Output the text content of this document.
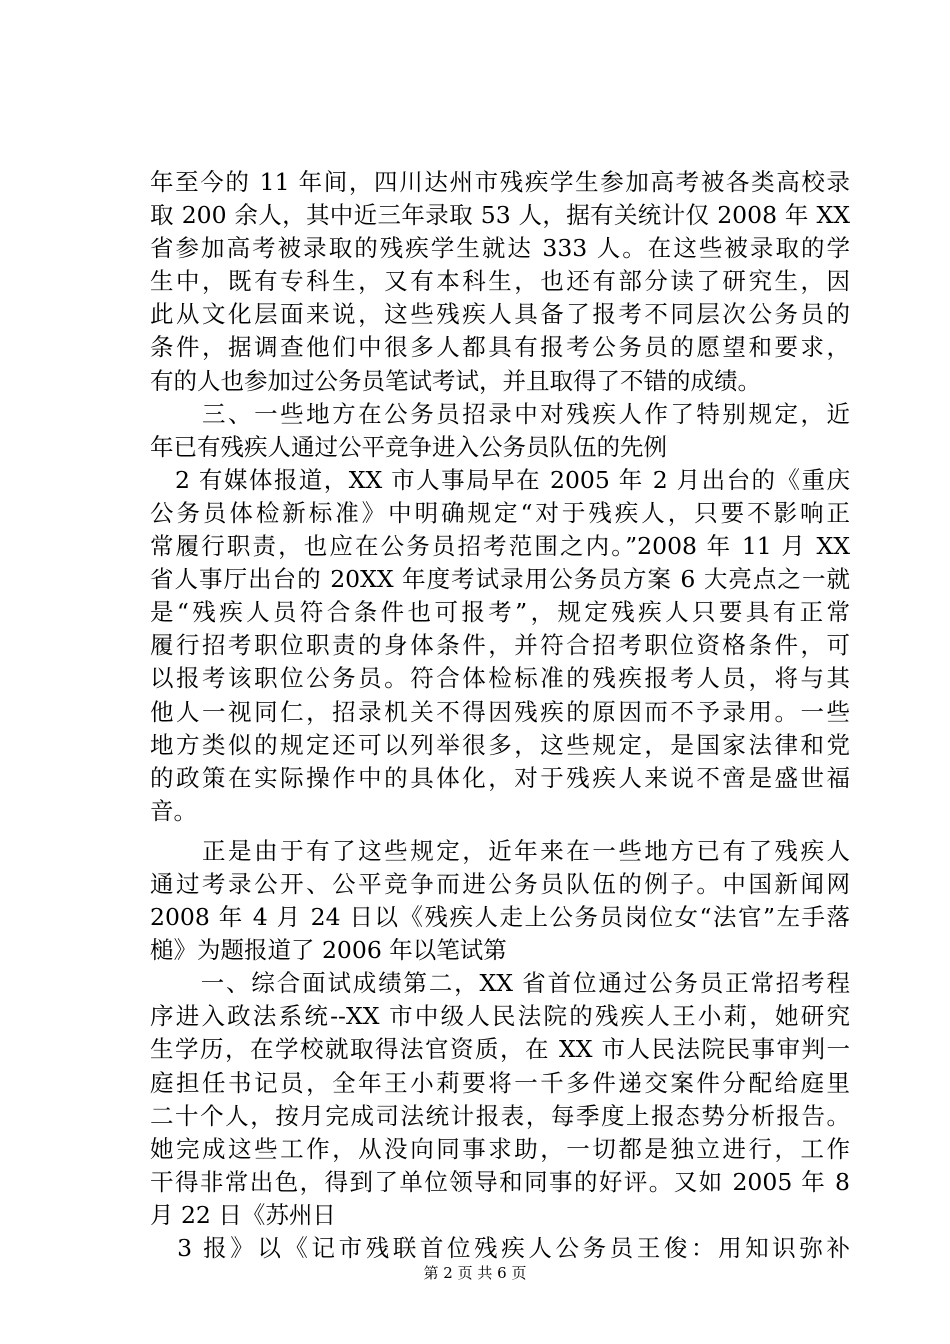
年至今的 11 年间，四川达州市残疾学生参加高考被各类高校录
取 200 余人，其中近三年录取 53 人，据有关统计仅 2008 年 XX
省参加高考被录取的残疾学生就达 333 人。在这些被录取的学
生中，既有专科生，又有本科生，也还有部分读了研究生，因
此从文化层面来说，这些残疾人具备了报考不同层次公务员的
条件，据调查他们中很多人都具有报考公务员的愿望和要求，
有的人也参加过公务员笔试考试，并且取得了不错的成绩。
　　三、一些地方在公务员招录中对残疾人作了特别规定，近
年已有残疾人通过公平竞争进入公务员队伍的先例
　2 有媒体报道，XX 市人事局早在 2005 年 2 月出台的《重庆
公务员体检新标准》中明确规定“对于残疾人，只要不影响正
常履行职责，也应在公务员招考范围之内。”2008 年 11 月 XX
省人事厅出台的 20XX 年度考试录用公务员方案 6 大亮点之一就
是“残疾人员符合条件也可报考”，规定残疾人只要具有正常
履行招考职位职责的身体条件，并符合招考职位资格条件，可
以报考该职位公务员。符合体检标准的残疾报考人员，将与其
他人一视同仁，招录机关不得因残疾的原因而不予录用。一些
地方类似的规定还可以列举很多，这些规定，是国家法律和党
的政策在实际操作中的具体化，对于残疾人来说不啻是盛世福
音。
　　正是由于有了这些规定，近年来在一些地方已有了残疾人
通过考录公开、公平竞争而进公务员队伍的例子。中国新闻网
2008 年 4 月 24 日以《残疾人走上公务员岗位女“法官”左手落
槌》为题报道了 2006 年以笔试第
　　一、综合面试成绩第二，XX 省首位通过公务员正常招考程
序进入政法系统--XX 市中级人民法院的残疾人王小莉，她研究
生学历，在学校就取得法官资质，在 XX 市人民法院民事审判一
庭担任书记员，全年王小莉要将一千多件递交案件分配给庭里
二十个人，按月完成司法统计报表，每季度上报态势分析报告。
她完成这些工作，从没向同事求助，一切都是独立进行，工作
干得非常出色，得到了单位领导和同事的好评。又如 2005 年 8
月 22 日《苏州日
　3 报》以《记市残联首位残疾人公务员王俊：用知识弥补
第 2 页 共 6 页
